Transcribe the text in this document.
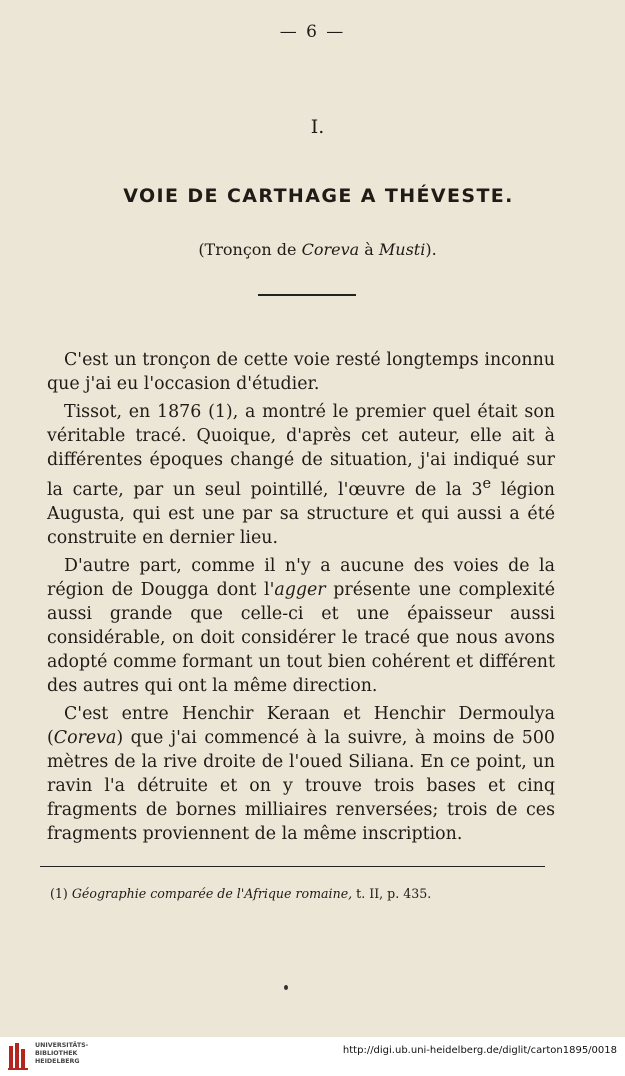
— 6 —
I.
VOIE DE CARTHAGE A THÉVESTE.
(Tronçon de Coreva à Musti).

C'est un tronçon de cette voie resté longtemps inconnu que j'ai eu l'occasion d'étudier.

Tissot, en 1876 (1), a montré le premier quel était son véritable tracé. Quoique, d'après cet auteur, elle ait à différentes époques changé de situation, j'ai indiqué sur la carte, par un seul pointillé, l'œuvre de la 3e légion Augusta, qui est une par sa structure et qui aussi a été construite en dernier lieu.

D'autre part, comme il n'y a aucune des voies de la région de Dougga dont l'agger présente une complexité aussi grande que celle-ci et une épaisseur aussi considérable, on doit considérer le tracé que nous avons adopté comme formant un tout bien cohérent et différent des autres qui ont la même direction.

C'est entre Henchir Keraan et Henchir Dermoulya (Coreva) que j'ai commencé à la suivre, à moins de 500 mètres de la rive droite de l'oued Siliana. En ce point, un ravin l'a détruite et on y trouve trois bases et cinq fragments de bornes milliaires renversées; trois de ces fragments proviennent de la même inscription.

(1) Géographie comparée de l'Afrique romaine, t. II, p. 435.
UNIVERSITÄTS-
BIBLIOTHEK
HEIDELBERG
http://digi.ub.uni-heidelberg.de/diglit/carton1895/0018
